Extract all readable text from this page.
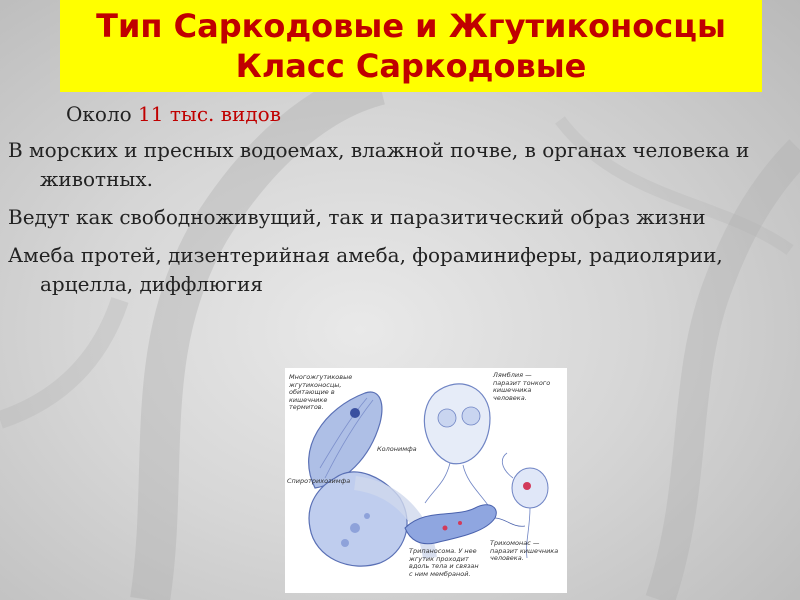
Тип Саркодовые и Жгутиконосцы
Класс Саркодовые

Около 11 тыс. видов

В морских и пресных водоемах, влажной почве, в органах человека и животных.

Ведут как свободноживущий, так и паразитический образ жизни

Амеба протей, дизентерийная амеба, фораминиферы, радиолярии, арцелла, диффлюгия

Многожгутиковые жгутиконосцы, обитающие в кишечнике термитов.
Лямблия — паразит тонкого кишечника человека.
Колонимфа
Спиротрихозимфа
Трипаносома. У нее жгутик проходит вдоль тела и связан с ним мембраной.
Трихомонас — паразит кишечника человека.
